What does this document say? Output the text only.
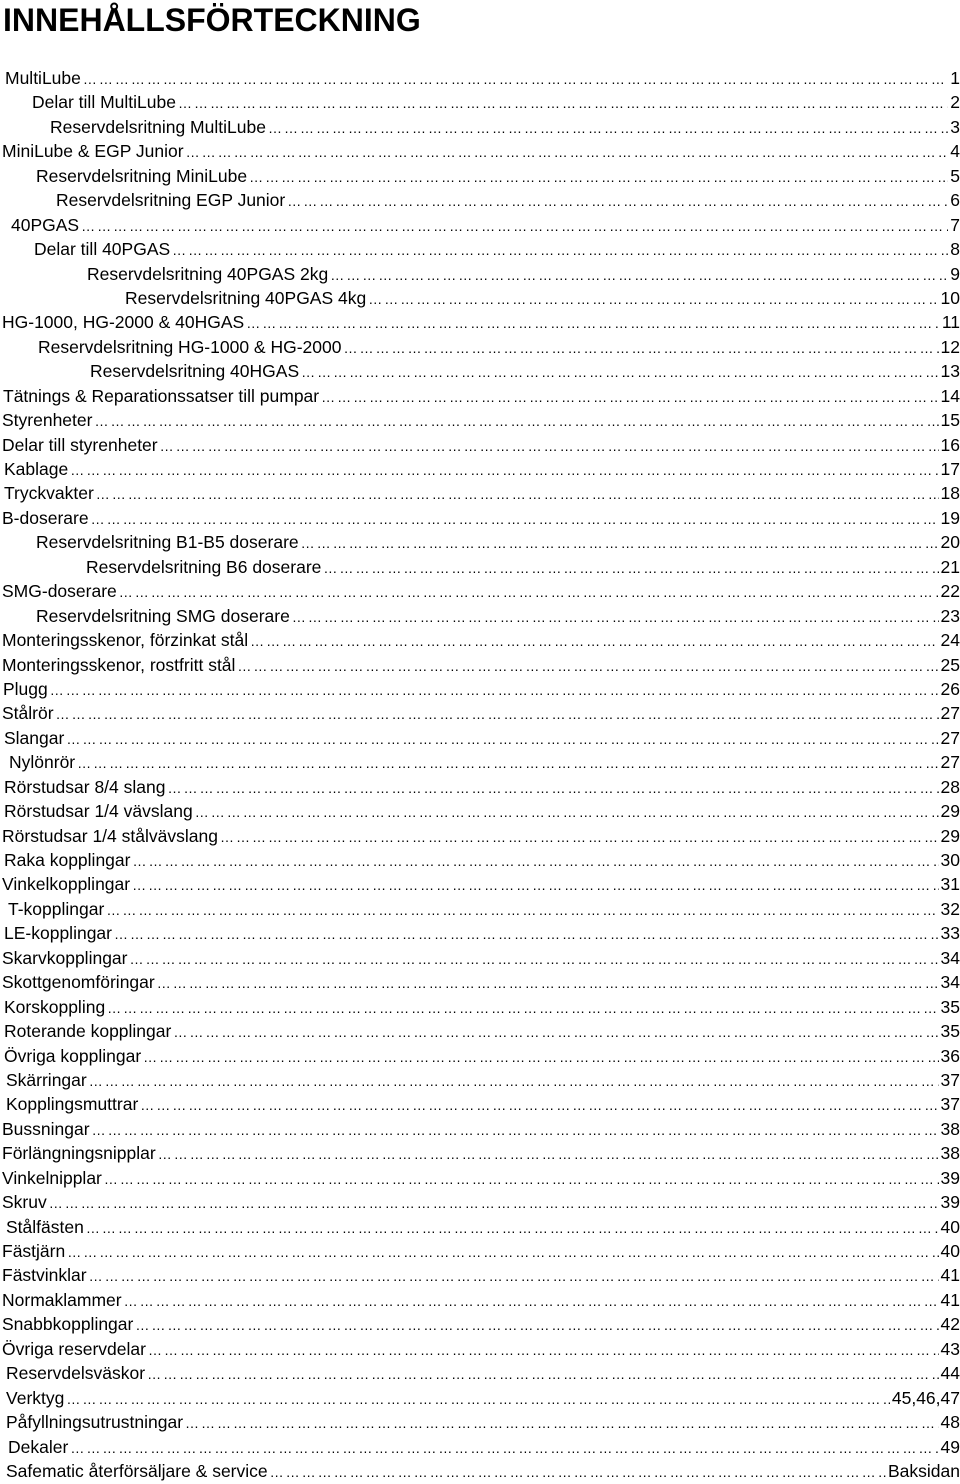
INNEHÅLLSFÖRTECKNING
MultiLube …………………………………………………………………………………………………………………………………………………………………………………………………………………………………………………………………	1
Delar till MultiLube …………………………………………………………………………………………………………………………………………………………………………………………………………………………………………………………………	2
Reservdelsritning MultiLube …………………………………………………………………………………………………………………………………………………………………………………………………………………………………………………………………	3
MiniLube & EGP Junior …………………………………………………………………………………………………………………………………………………………………………………………………………………………………………………………………	4
Reservdelsritning MiniLube …………………………………………………………………………………………………………………………………………………………………………………………………………………………………………………………………	5
Reservdelsritning EGP Junior …………………………………………………………………………………………………………………………………………………………………………………………………………………………………………………………………	6
40PGAS …………………………………………………………………………………………………………………………………………………………………………………………………………………………………………………………………	7
Delar till 40PGAS …………………………………………………………………………………………………………………………………………………………………………………………………………………………………………………………………	8
Reservdelsritning 40PGAS 2kg …………………………………………………………………………………………………………………………………………………………………………………………………………………………………………………………………	9
Reservdelsritning 40PGAS 4kg …………………………………………………………………………………………………………………………………………………………………………………………………………………………………………………………………	10
HG-1000, HG-2000 & 40HGAS …………………………………………………………………………………………………………………………………………………………………………………………………………………………………………………………………	11
Reservdelsritning HG-1000 & HG-2000 …………………………………………………………………………………………………………………………………………………………………………………………………………………………………………………………………	12
Reservdelsritning 40HGAS …………………………………………………………………………………………………………………………………………………………………………………………………………………………………………………………………	13
Tätnings & Reparationssatser till pumpar …………………………………………………………………………………………………………………………………………………………………………………………………………………………………………………………………	14
Styrenheter …………………………………………………………………………………………………………………………………………………………………………………………………………………………………………………………………	15
Delar till styrenheter …………………………………………………………………………………………………………………………………………………………………………………………………………………………………………………………………	16
Kablage …………………………………………………………………………………………………………………………………………………………………………………………………………………………………………………………………	17
Tryckvakter …………………………………………………………………………………………………………………………………………………………………………………………………………………………………………………………………	18
B-doserare …………………………………………………………………………………………………………………………………………………………………………………………………………………………………………………………………	19
Reservdelsritning B1-B5 doserare …………………………………………………………………………………………………………………………………………………………………………………………………………………………………………………………………	20
Reservdelsritning B6 doserare …………………………………………………………………………………………………………………………………………………………………………………………………………………………………………………………………	21
SMG-doserare …………………………………………………………………………………………………………………………………………………………………………………………………………………………………………………………………	22
Reservdelsritning SMG doserare …………………………………………………………………………………………………………………………………………………………………………………………………………………………………………………………………	23
Monteringsskenor, förzinkat stål …………………………………………………………………………………………………………………………………………………………………………………………………………………………………………………………………	24
Monteringsskenor, rostfritt stål …………………………………………………………………………………………………………………………………………………………………………………………………………………………………………………………………	25
Plugg …………………………………………………………………………………………………………………………………………………………………………………………………………………………………………………………………	26
Stålrör …………………………………………………………………………………………………………………………………………………………………………………………………………………………………………………………………	27
Slangar …………………………………………………………………………………………………………………………………………………………………………………………………………………………………………………………………	27
Nylönrör …………………………………………………………………………………………………………………………………………………………………………………………………………………………………………………………………	27
Rörstudsar 8/4 slang …………………………………………………………………………………………………………………………………………………………………………………………………………………………………………………………………	28
Rörstudsar 1/4 vävslang …………………………………………………………………………………………………………………………………………………………………………………………………………………………………………………………………	29
Rörstudsar 1/4 stålvävslang …………………………………………………………………………………………………………………………………………………………………………………………………………………………………………………………………	29
Raka kopplingar …………………………………………………………………………………………………………………………………………………………………………………………………………………………………………………………………	30
Vinkelkopplingar …………………………………………………………………………………………………………………………………………………………………………………………………………………………………………………………………	31
T-kopplingar …………………………………………………………………………………………………………………………………………………………………………………………………………………………………………………………………	32
LE-kopplingar …………………………………………………………………………………………………………………………………………………………………………………………………………………………………………………………………	33
Skarvkopplingar …………………………………………………………………………………………………………………………………………………………………………………………………………………………………………………………………	34
Skottgenomföringar …………………………………………………………………………………………………………………………………………………………………………………………………………………………………………………………………	34
Korskoppling …………………………………………………………………………………………………………………………………………………………………………………………………………………………………………………………………	35
Roterande kopplingar …………………………………………………………………………………………………………………………………………………………………………………………………………………………………………………………………	35
Övriga kopplingar …………………………………………………………………………………………………………………………………………………………………………………………………………………………………………………………………	36
Skärringar …………………………………………………………………………………………………………………………………………………………………………………………………………………………………………………………………	37
Kopplingsmuttrar …………………………………………………………………………………………………………………………………………………………………………………………………………………………………………………………………	37
Bussningar …………………………………………………………………………………………………………………………………………………………………………………………………………………………………………………………………	38
Förlängningsnipplar …………………………………………………………………………………………………………………………………………………………………………………………………………………………………………………………………	38
Vinkelnipplar …………………………………………………………………………………………………………………………………………………………………………………………………………………………………………………………………	39
Skruv …………………………………………………………………………………………………………………………………………………………………………………………………………………………………………………………………	39
Stålfästen …………………………………………………………………………………………………………………………………………………………………………………………………………………………………………………………………	40
Fästjärn …………………………………………………………………………………………………………………………………………………………………………………………………………………………………………………………………	40
Fästvinklar …………………………………………………………………………………………………………………………………………………………………………………………………………………………………………………………………	41
Normaklammer …………………………………………………………………………………………………………………………………………………………………………………………………………………………………………………………………	41
Snabbkopplingar …………………………………………………………………………………………………………………………………………………………………………………………………………………………………………………………………	42
Övriga reservdelar …………………………………………………………………………………………………………………………………………………………………………………………………………………………………………………………………	43
Reservdelsväskor …………………………………………………………………………………………………………………………………………………………………………………………………………………………………………………………………	44
Verktyg …………………………………………………………………………………………………………………………………………………………………………………………………………………………………………………………………	45,46,47
Påfyllningsutrustningar …………………………………………………………………………………………………………………………………………………………………………………………………………………………………………………………………	48
Dekaler …………………………………………………………………………………………………………………………………………………………………………………………………………………………………………………………………	49
Safematic återförsäljare & service …………………………………………………………………………………………………………………………………………………………………………………………………………………………………………………………………	Baksidan
